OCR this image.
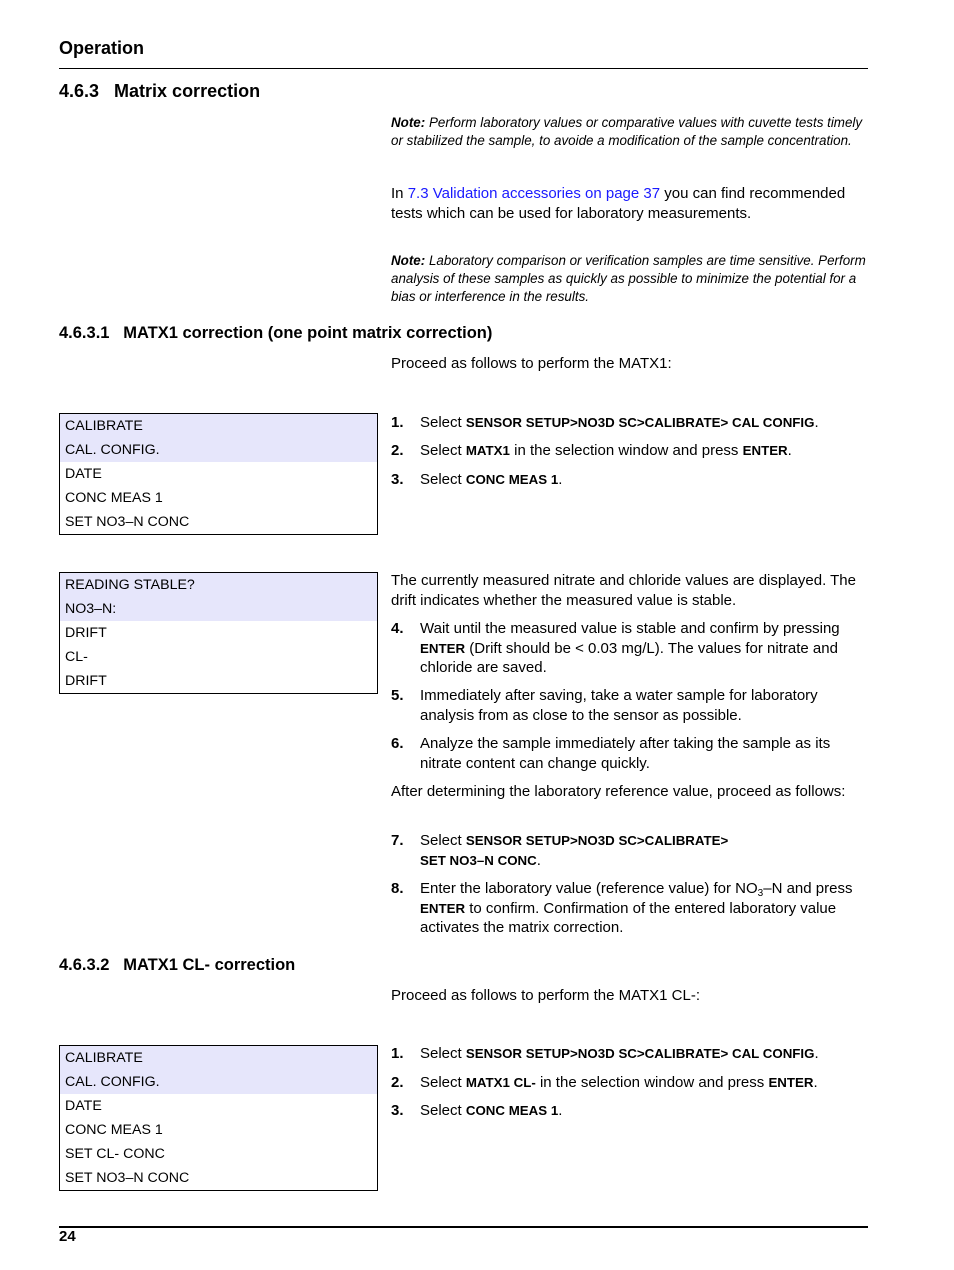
Operation
4.6.3   Matrix correction
Note: Perform laboratory values or comparative values with cuvette tests timely or stabilized the sample, to avoide a modification of the sample concentration.
In 7.3 Validation accessories on page 37 you can find recommended tests which can be used for laboratory measurements.
Note: Laboratory comparison or verification samples are time sensitive. Perform analysis of these samples as quickly as possible to minimize the potential for a bias or interference in the results.
4.6.3.1   MATX1 correction (one point matrix correction)
Proceed as follows to perform the MATX1:
CALIBRATE
CAL. CONFIG.
DATE
CONC MEAS 1
SET NO3–N CONC
1. Select SENSOR SETUP>NO3D SC>CALIBRATE> CAL CONFIG.
2. Select MATX1 in the selection window and press ENTER.
3. Select CONC MEAS 1.
READING STABLE?
NO3–N:
DRIFT
CL-
DRIFT
The currently measured nitrate and chloride values are displayed. The drift indicates whether the measured value is stable.
4. Wait until the measured value is stable and confirm by pressing ENTER (Drift should be < 0.03 mg/L). The values for nitrate and chloride are saved.
5. Immediately after saving, take a water sample for laboratory analysis from as close to the sensor as possible.
6. Analyze the sample immediately after taking the sample as its nitrate content can change quickly.
After determining the laboratory reference value, proceed as follows:
7. Select SENSOR SETUP>NO3D SC>CALIBRATE>
SET NO3–N CONC.
8. Enter the laboratory value (reference value) for $NO_3-N$ and press ENTER to confirm. Confirmation of the entered laboratory value activates the matrix correction.
4.6.3.2   MATX1 CL- correction
Proceed as follows to perform the MATX1 CL-:
CALIBRATE
CAL. CONFIG.
DATE
CONC MEAS 1
SET CL- CONC
SET NO3–N CONC
1. Select SENSOR SETUP>NO3D SC>CALIBRATE> CAL CONFIG.
2. Select MATX1 CL- in the selection window and press ENTER.
3. Select CONC MEAS 1.
24
